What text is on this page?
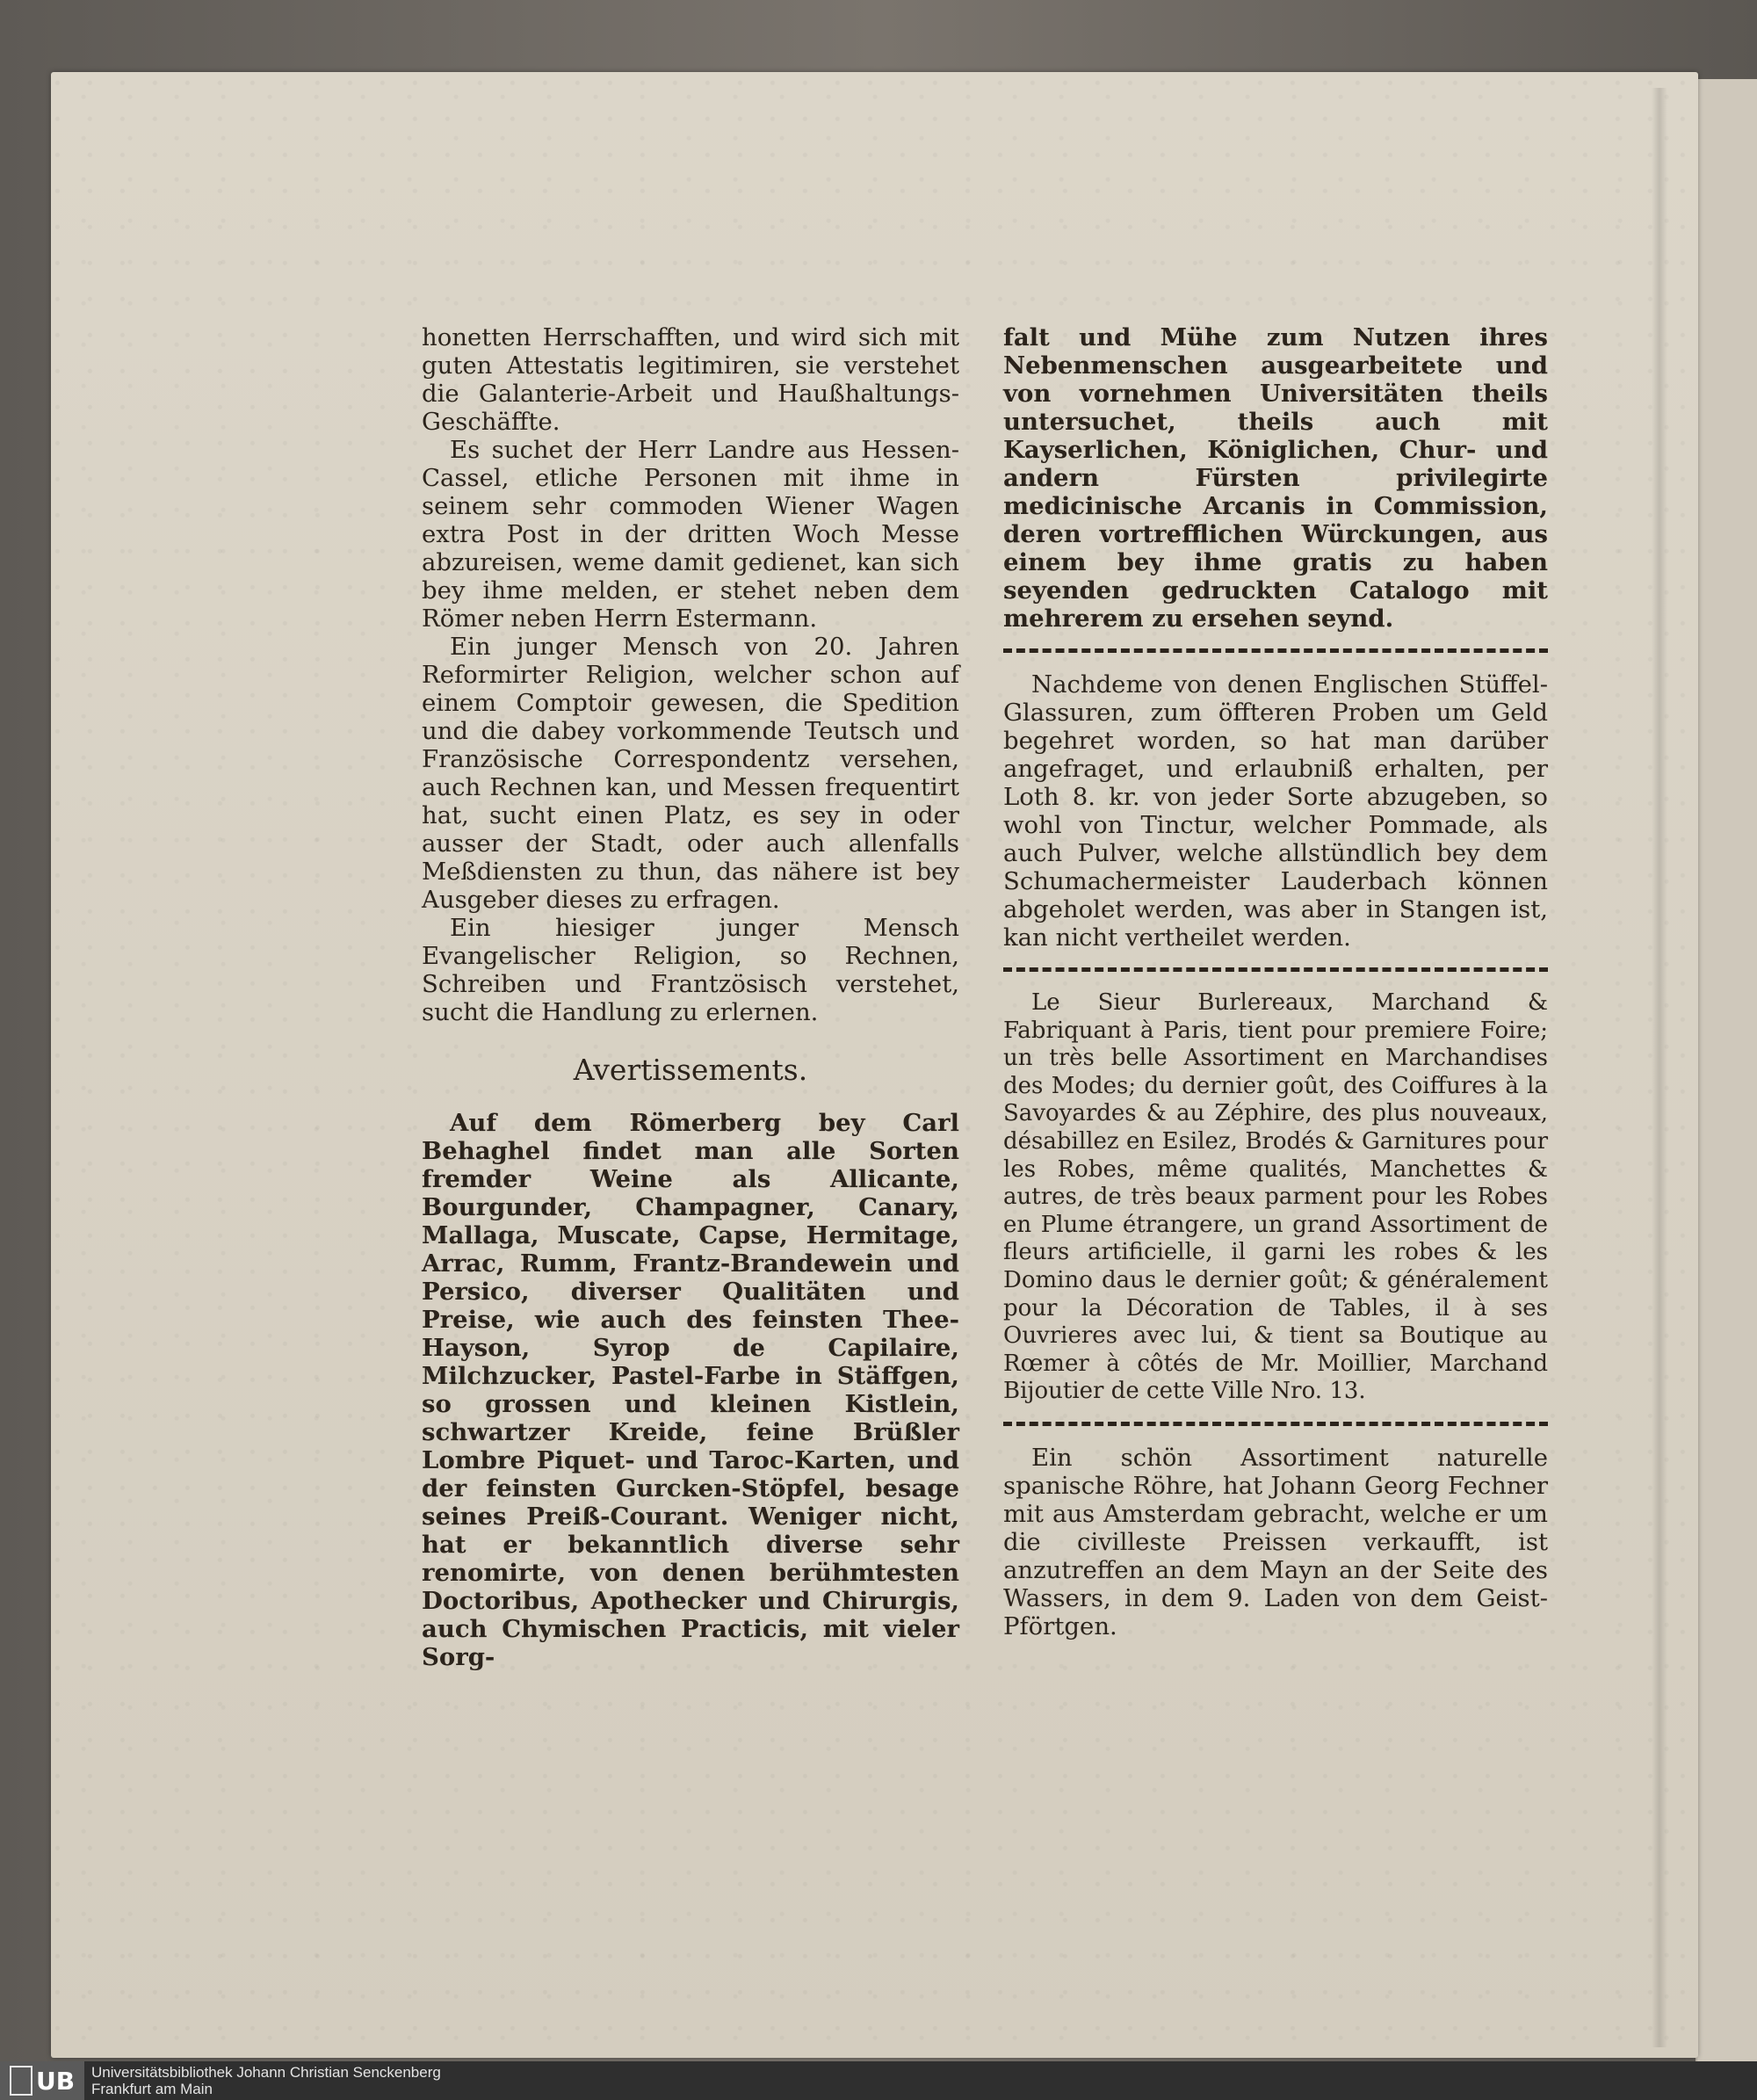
honetten Herrschafften, und wird sich mit guten Attestatis legitimiren, sie verstehet die Galanterie-Arbeit und Haußhaltungs-Geschäffte.

Es suchet der Herr Landre aus Hessen-Cassel, etliche Personen mit ihme in seinem sehr commoden Wiener Wagen extra Post in der dritten Woch Messe abzureisen, weme damit gedienet, kan sich bey ihme melden, er stehet neben dem Römer neben Herrn Estermann.

Ein junger Mensch von 20. Jahren Reformirter Religion, welcher schon auf einem Comptoir gewesen, die Spedition und die dabey vorkommende Teutsch und Französische Correspondentz versehen, auch Rechnen kan, und Messen frequentirt hat, sucht einen Platz, es sey in oder ausser der Stadt, oder auch allenfalls Meßdiensten zu thun, das nähere ist bey Ausgeber dieses zu erfragen.

Ein hiesiger junger Mensch Evangelischer Religion, so Rechnen, Schreiben und Frantzösisch verstehet, sucht die Handlung zu erlernen.

Avertissements.

Auf dem Römerberg bey Carl Behaghel findet man alle Sorten fremder Weine als Allicante, Bourgunder, Champagner, Canary, Mallaga, Muscate, Capse, Hermitage, Arrac, Rumm, Frantz-Brandewein und Persico, diverser Qualitäten und Preise, wie auch des feinsten Thee-Hayson, Syrop de Capilaire, Milchzucker, Pastel-Farbe in Stäffgen, so grossen und kleinen Kistlein, schwartzer Kreide, feine Brüßler Lombre Piquet- und Taroc-Karten, und der feinsten Gurcken-Stöpfel, besage seines Preiß-Courant. Weniger nicht, hat er bekanntlich diverse sehr renomirte, von denen berühmtesten Doctoribus, Apothecker und Chirurgis, auch Chymischen Practicis, mit vieler Sorg-

falt und Mühe zum Nutzen ihres Nebenmenschen ausgearbeitete und von vornehmen Universitäten theils untersuchet, theils auch mit Kayserlichen, Königlichen, Chur- und andern Fürsten privilegirte medicinische Arcanis in Commission, deren vortrefflichen Würckungen, aus einem bey ihme gratis zu haben seyenden gedruckten Catalogo mit mehrerem zu ersehen seynd.

Nachdeme von denen Englischen Stüffel-Glassuren, zum öffteren Proben um Geld begehret worden, so hat man darüber angefraget, und erlaubniß erhalten, per Loth 8. kr. von jeder Sorte abzugeben, so wohl von Tinctur, welcher Pommade, als auch Pulver, welche allstündlich bey dem Schumachermeister Lauderbach können abgeholet werden, was aber in Stangen ist, kan nicht vertheilet werden.

Le Sieur Burlereaux, Marchand & Fabriquant à Paris, tient pour premiere Foire; un très belle Assortiment en Marchandises des Modes; du dernier goût, des Coiffures à la Savoyardes & au Zéphire, des plus nouveaux, désabillez en Esilez, Brodés & Garnitures pour les Robes, même qualités, Manchettes & autres, de très beaux parment pour les Robes en Plume étrangere, un grand Assortiment de fleurs artificielle, il garni les robes & les Domino daus le dernier goût; & généralement pour la Décoration de Tables, il à ses Ouvrieres avec lui, & tient sa Boutique au Rœmer à côtés de Mr. Moillier, Marchand Bijoutier de cette Ville Nro. 13.

Ein schön Assortiment naturelle spanische Röhre, hat Johann Georg Fechner mit aus Amsterdam gebracht, welche er um die civilleste Preissen verkaufft, ist anzutreffen an dem Mayn an der Seite des Wassers, in dem 9. Laden von dem Geist-Pförtgen.

UB Universitätsbibliothek Johann Christian Senckenberg
Frankfurt am Main
